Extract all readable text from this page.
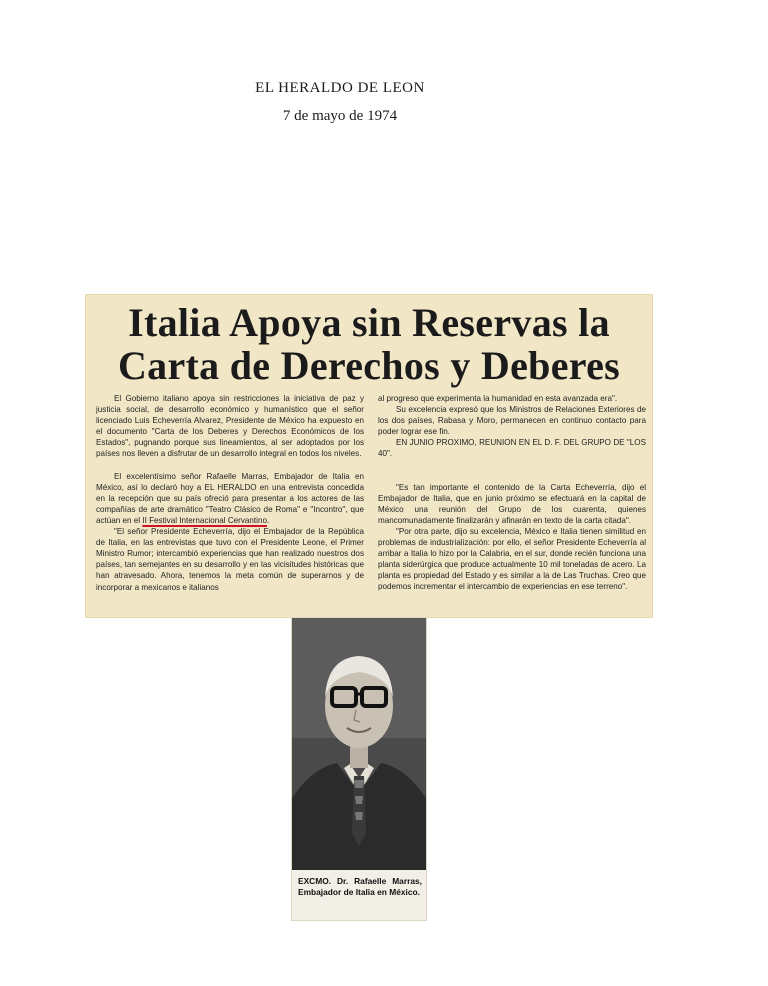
EL HERALDO DE LEON
7 de mayo de 1974
Italia Apoya sin Reservas la
Carta de Derechos y Deberes

El Gobierno italiano apoya sin restricciones la iniciativa de paz y justicia social, de desarrollo económico y humanístico que el señor licenciado Luis Echeverría Alvarez, Presidente de México ha expuesto en el documento "Carta de los Deberes y Derechos Económicos de los Estados", pugnando porque sus lineamientos, al ser adoptados por los países nos lleven a disfrutar de un desarrollo integral en todos los niveles.

El excelentísimo señor Rafaelle Marras, Embajador de Italia en México, así lo declaró hoy a EL HERALDO en una entrevista concedida en la recepción que su país ofreció para presentar a los actores de las compañías de arte dramático "Teatro Clásico de Roma" e "Incontro", que actúan en el II Festival Internacional Cervantino.

"El señor Presidente Echeverría, dijo el Embajador de la República de Italia, en las entrevistas que tuvo con el Presidente Leone, el Primer Ministro Rumor; intercambió experiencias que han realizado nuestros dos países, tan semejantes en su desarrollo y en las vicisitudes históricas que han atravesado. Ahora, tenemos la meta común de superarnos y de incorporar a mexicanos e italianos

al progreso que experimenta la humanidad en esta avanzada era".

Su excelencia expresó que los Ministros de Relaciones Exteriores de los dos países, Rabasa y Moro, permanecen en continuo contacto para poder lograr ese fin.

EN JUNIO PROXIMO, REUNION EN EL D. F. DEL GRUPO DE "LOS 40".

"Es tan importante el contenido de la Carta Echeverría, dijo el Embajador de Italia, que en junio próximo se efectuará en la capital de México una reunión del Grupo de los cuarenta, quienes mancomunadamente finalizarán y afinarán en texto de la carta citada".

"Por otra parte, dijo su excelencia, México e Italia tienen similitud en problemas de industrialización: por ello, el señor Presidente Echeverría al arribar a Italia lo hizo por la Calabria, en el sur, donde recién funciona una planta siderúrgica que produce actualmente 10 mil toneladas de acero. La planta es propiedad del Estado y es similar a la de Las Truchas. Creo que podemos incrementar el intercambio de experiencias en ese terreno".

EXCMO. Dr. Rafaelle Marras, Embajador de Italia en México.
